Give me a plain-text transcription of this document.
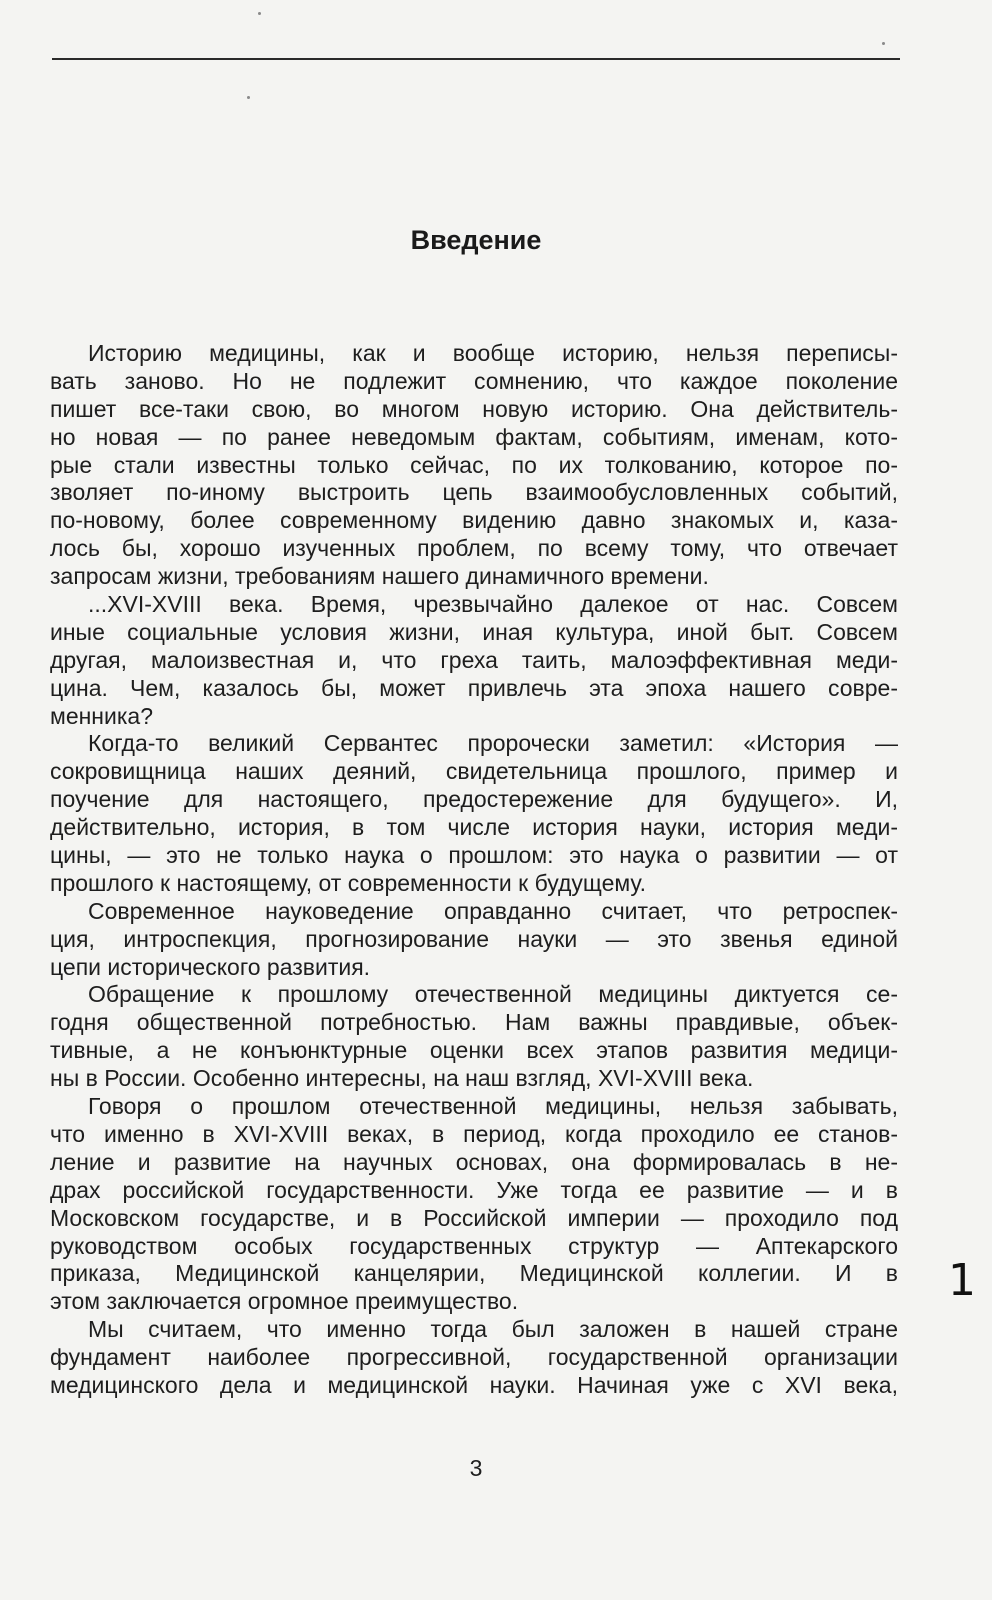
Введение
Историю медицины, как и вообще историю, нельзя переписы-
вать заново. Но не подлежит сомнению, что каждое поколение
пишет все-таки свою, во многом новую историю. Она действитель-
но новая — по ранее неведомым фактам, событиям, именам, кото-
рые стали известны только сейчас, по их толкованию, которое по-
зволяет по-иному выстроить цепь взаимообусловленных событий,
по-новому, более современному видению давно знакомых и, каза-
лось бы, хорошо изученных проблем, по всему тому, что отвечает
запросам жизни, требованиям нашего динамичного времени.
...XVI-XVIII века. Время, чрезвычайно далекое от нас. Совсем
иные социальные условия жизни, иная культура, иной быт. Совсем
другая, малоизвестная и, что греха таить, малоэффективная меди-
цина. Чем, казалось бы, может привлечь эта эпоха нашего совре-
менника?
Когда-то великий Сервантес пророчески заметил: «История —
сокровищница наших деяний, свидетельница прошлого, пример и
поучение для настоящего, предостережение для будущего». И,
действительно, история, в том числе история науки, история меди-
цины, — это не только наука о прошлом: это наука о развитии — от
прошлого к настоящему, от современности к будущему.
Современное науковедение оправданно считает, что ретроспек-
ция, интроспекция, прогнозирование науки — это звенья единой
цепи исторического развития.
Обращение к прошлому отечественной медицины диктуется се-
годня общественной потребностью. Нам важны правдивые, объек-
тивные, а не конъюнктурные оценки всех этапов развития медици-
ны в России. Особенно интересны, на наш взгляд, XVI-XVIII века.
Говоря о прошлом отечественной медицины, нельзя забывать,
что именно в XVI-XVIII веках, в период, когда проходило ее станов-
ление и развитие на научных основах, она формировалась в не-
драх российской государственности. Уже тогда ее развитие — и в
Московском государстве, и в Российской империи — проходило под
руководством особых государственных структур — Аптекарского
приказа, Медицинской канцелярии, Медицинской коллегии. И в
этом заключается огромное преимущество.
Мы считаем, что именно тогда был заложен в нашей стране
фундамент наиболее прогрессивной, государственной организации
медицинского дела и медицинской науки. Начиная уже с XVI века,
1
3
